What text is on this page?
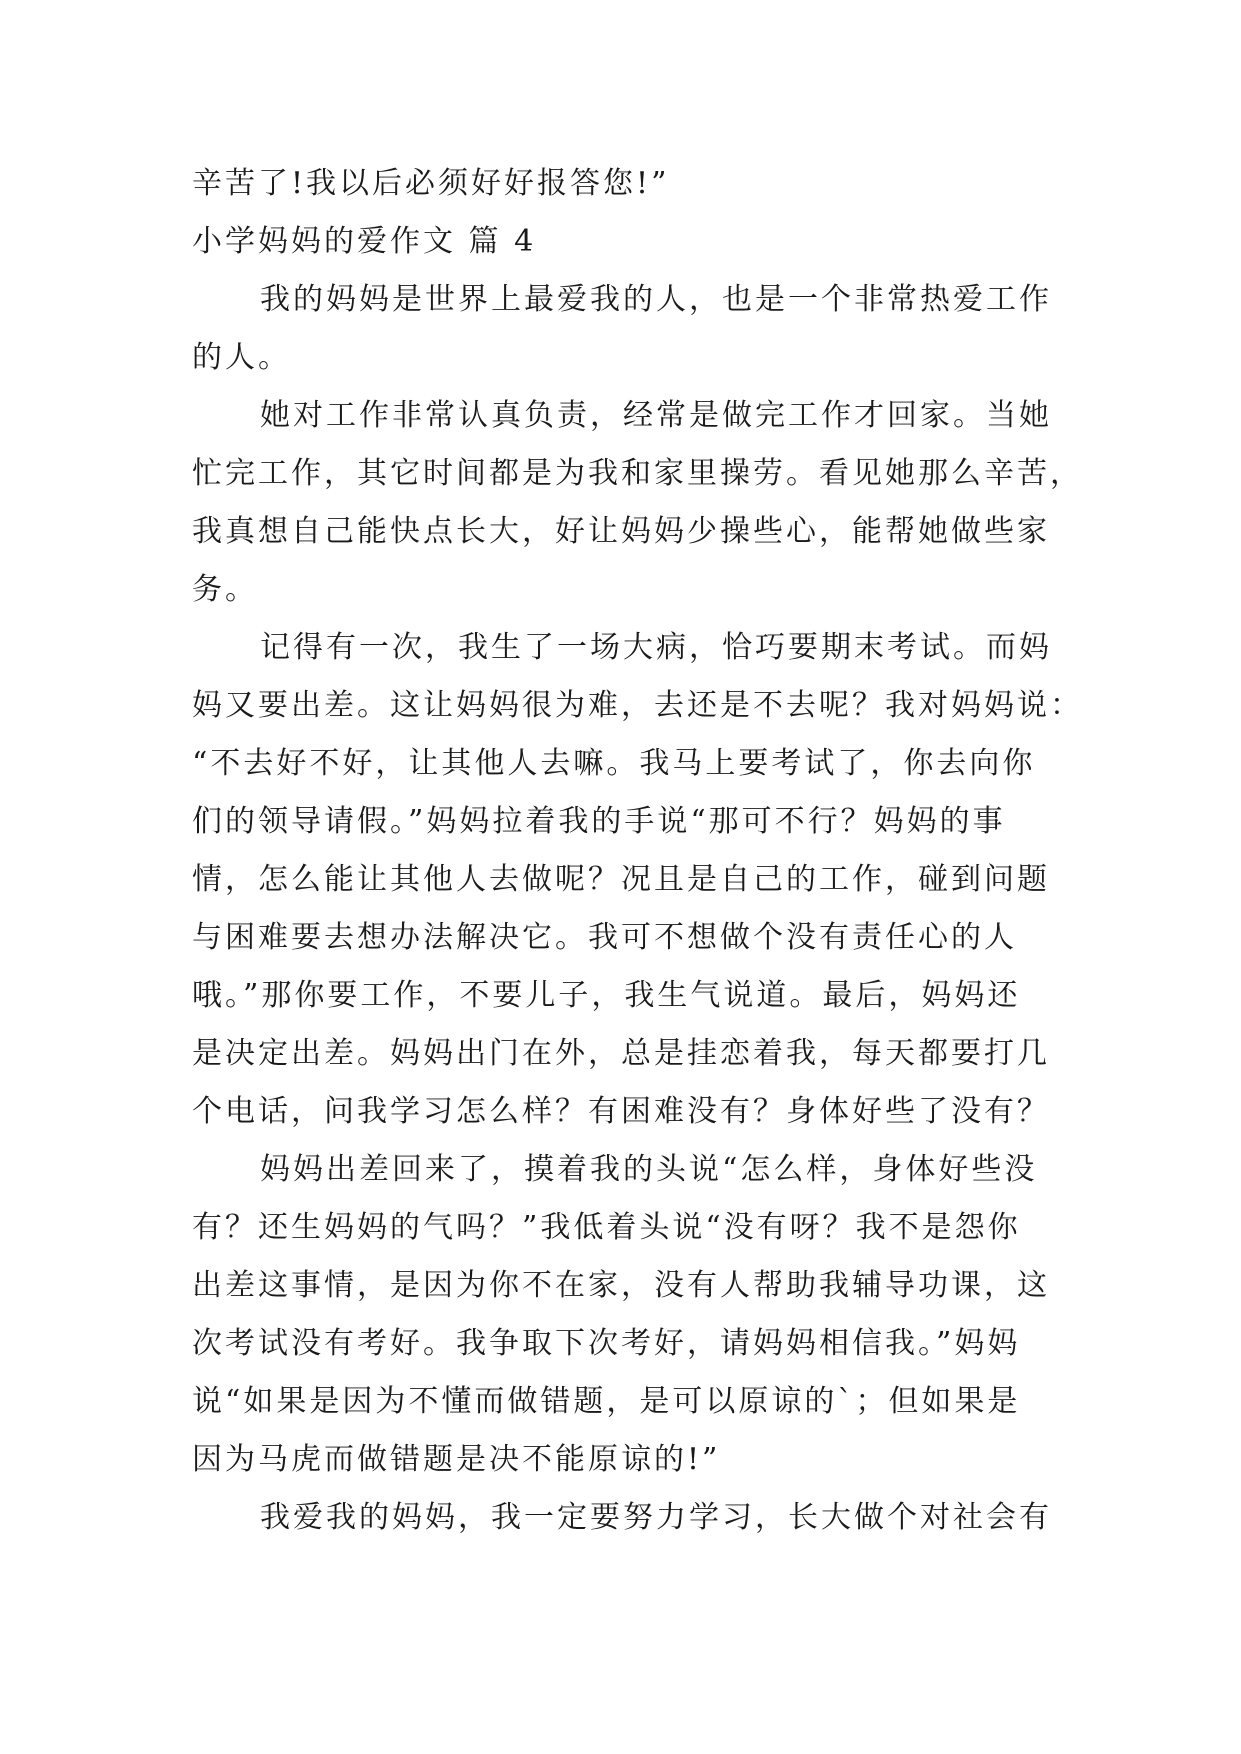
辛苦了!我以后必须好好报答您!”
小学妈妈的爱作文 篇 4
我的妈妈是世界上最爱我的人，也是一个非常热爱工作
的人。
她对工作非常认真负责，经常是做完工作才回家。当她
忙完工作，其它时间都是为我和家里操劳。看见她那么辛苦，
我真想自己能快点长大，好让妈妈少操些心，能帮她做些家
务。
记得有一次，我生了一场大病，恰巧要期末考试。而妈
妈又要出差。这让妈妈很为难，去还是不去呢？我对妈妈说：
“不去好不好，让其他人去嘛。我马上要考试了，你去向你
们的领导请假。”妈妈拉着我的手说“那可不行？妈妈的事
情，怎么能让其他人去做呢？况且是自己的工作，碰到问题
与困难要去想办法解决它。我可不想做个没有责任心的人
哦。”那你要工作，不要儿子，我生气说道。最后，妈妈还
是决定出差。妈妈出门在外，总是挂恋着我，每天都要打几
个电话，问我学习怎么样？有困难没有？身体好些了没有？
妈妈出差回来了，摸着我的头说“怎么样，身体好些没
有？还生妈妈的气吗？”我低着头说“没有呀？我不是怨你
出差这事情，是因为你不在家，没有人帮助我辅导功课，这
次考试没有考好。我争取下次考好，请妈妈相信我。”妈妈
说“如果是因为不懂而做错题，是可以原谅的`；但如果是
因为马虎而做错题是决不能原谅的!”
我爱我的妈妈，我一定要努力学习，长大做个对社会有
